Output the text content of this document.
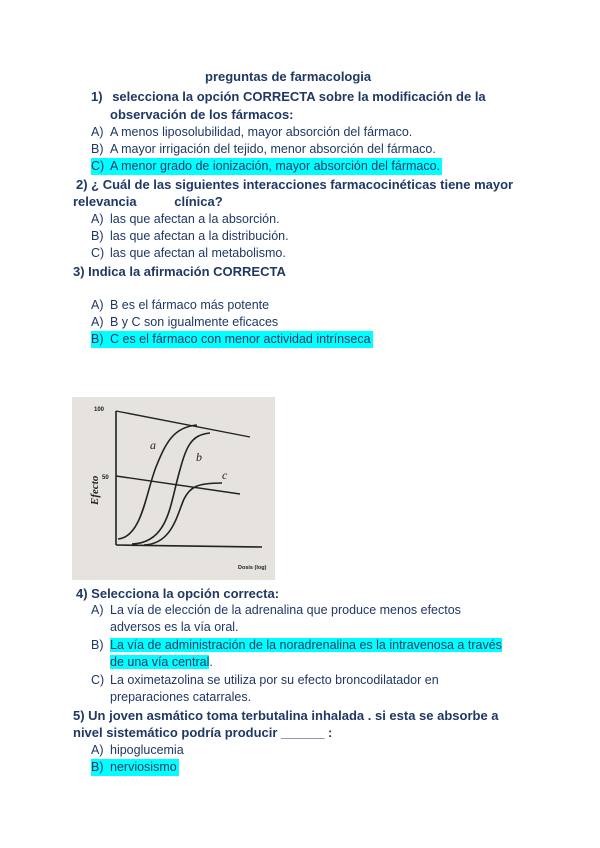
preguntas de farmacologia
1) selecciona la opción CORRECTA sobre la modificación de la
observación de los fármacos:
A) A menos liposolubilidad, mayor absorción del fármaco.
B) A mayor irrigación del tejido, menor absorción del fármaco.
C) A menor grado de ionización, mayor absorción del fármaco.
2) ¿ Cuál de las siguientes interacciones farmacocinéticas tiene mayor
relevancia	clínica?
A) las que afectan a la absorción.
B) las que afectan a la distribución.
C) las que afectan al metabolismo.
3) Indica la afirmación CORRECTA
A) B es el fármaco más potente
A) B y C son igualmente eficaces
B) C es el fármaco con menor actividad intrínseca
100
50
Efecto
Dosis (log)
a
b
c
4) Selecciona la opción correcta:
A) La vía de elección de la adrenalina que produce menos efectos
adversos es la vía oral.
B) La vía de administración de la noradrenalina es la intravenosa a través
de una vía central.
C) La oximetazolina se utiliza por su efecto broncodilatador en
preparaciones catarrales.
5) Un joven asmático toma terbutalina inhalada . si esta se absorbe a
nivel sistemático podría producir ______ :
A) hipoglucemia
B) nerviosismo
